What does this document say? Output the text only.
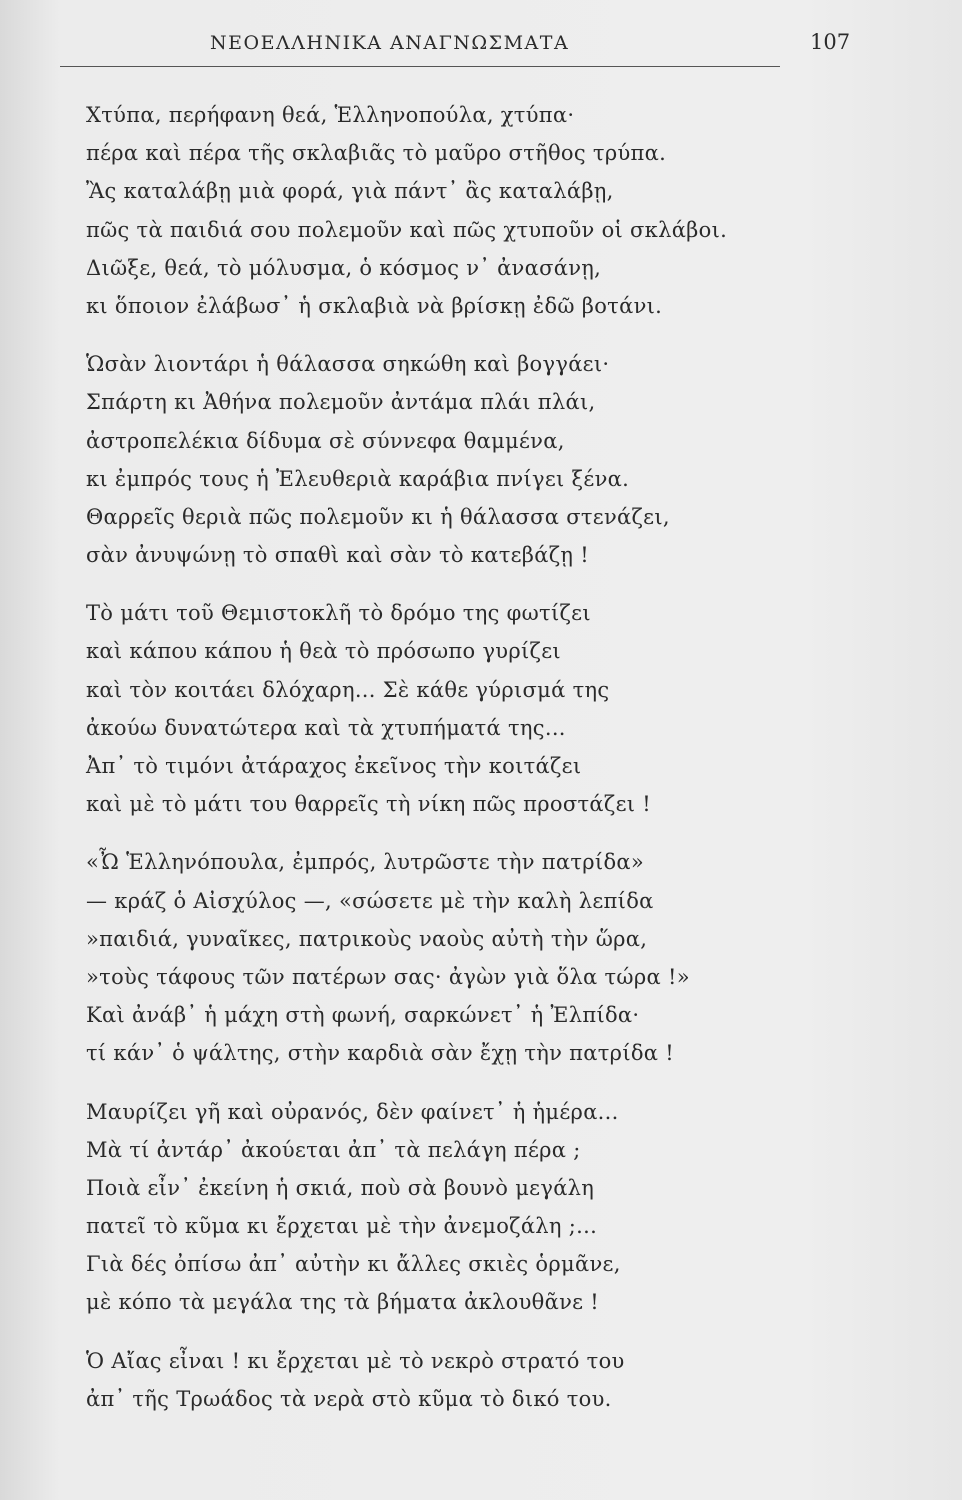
ΝΕΟΕΛΛΗΝΙΚΑ ΑΝΑΓΝΩΣΜΑΤΑ	107
Χτύπα, περήφανη θεά, Ἑλληνοπούλα, χτύπα·
πέρα καὶ πέρα τῆς σκλαβιᾶς τὸ μαῦρο στῆθος τρύπα.
Ἂς καταλάβῃ μιὰ φορά, γιὰ πάντ᾽ ἂς καταλάβῃ,
πῶς τὰ παιδιά σου πολεμοῦν καὶ πῶς χτυποῦν οἱ σκλάβοι.
Διῶξε, θεά, τὸ μόλυσμα, ὁ κόσμος ν᾽ ἀνασάνῃ,
κι ὅποιον ἐλάβωσ᾽ ἡ σκλαβιὰ νὰ βρίσκῃ ἐδῶ βοτάνι.
Ὡσὰν λιοντάρι ἡ θάλασσα σηκώθη καὶ βογγάει·
Σπάρτη κι Ἀθήνα πολεμοῦν ἀντάμα πλάι πλάι,
ἀστροπελέκια δίδυμα σὲ σύννεφα θαμμένα,
κι ἐμπρός τους ἡ Ἐλευθεριὰ καράβια πνίγει ξένα.
Θαρρεῖς θεριὰ πῶς πολεμοῦν κι ἡ θάλασσα στενάζει,
σὰν ἀνυψώνῃ τὸ σπαθὶ καὶ σὰν τὸ κατεβάζῃ !
Τὸ μάτι τοῦ Θεμιστοκλῆ τὸ δρόμο της φωτίζει
καὶ κάπου κάπου ἡ θεὰ τὸ πρόσωπο γυρίζει
καὶ τὸν κοιτάει δλόχαρη... Σὲ κάθε γύρισμά της
ἀκούω δυνατώτερα καὶ τὰ χτυπήματά της...
Ἀπ᾽ τὸ τιμόνι ἀτάραχος ἐκεῖνος τὴν κοιτάζει
καὶ μὲ τὸ μάτι του θαρρεῖς τὴ νίκη πῶς προστάζει !
«Ὦ Ἑλληνόπουλα, ἐμπρός, λυτρῶστε τὴν πατρίδα»
— κράζ ὁ Αἰσχύλος —, «σώσετε μὲ τὴν καλὴ λεπίδα
»παιδιά, γυναῖκες, πατρικοὺς ναοὺς αὐτὴ τὴν ὥρα,
»τοὺς τάφους τῶν πατέρων σας· ἀγὼν γιὰ ὅλα τώρα !»
Καὶ ἀνάβ᾽ ἡ μάχη στὴ φωνή, σαρκώνετ᾽ ἡ Ἐλπίδα·
τί κάν᾽ ὁ ψάλτης, στὴν καρδιὰ σὰν ἔχῃ τὴν πατρίδα !
Μαυρίζει γῆ καὶ οὐρανός, δὲν φαίνετ᾽ ἡ ἡμέρα...
Μὰ τί ἀντάρ᾽ ἀκούεται ἀπ᾽ τὰ πελάγη πέρα ;
Ποιὰ εἶν᾽ ἐκείνη ἡ σκιά, ποὺ σὰ βουνὸ μεγάλη
πατεῖ τὸ κῦμα κι ἔρχεται μὲ τὴν ἀνεμοζάλη ;...
Γιὰ δές ὀπίσω ἀπ᾽ αὐτὴν κι ἄλλες σκιὲς ὁρμᾶνε,
μὲ κόπο τὰ μεγάλα της τὰ βήματα ἀκλουθᾶνε !
Ὁ Αἴας εἶναι ! κι ἔρχεται μὲ τὸ νεκρὸ στρατό του
ἀπ᾽ τῆς Τρωάδος τὰ νερὰ στὸ κῦμα τὸ δικό του.
